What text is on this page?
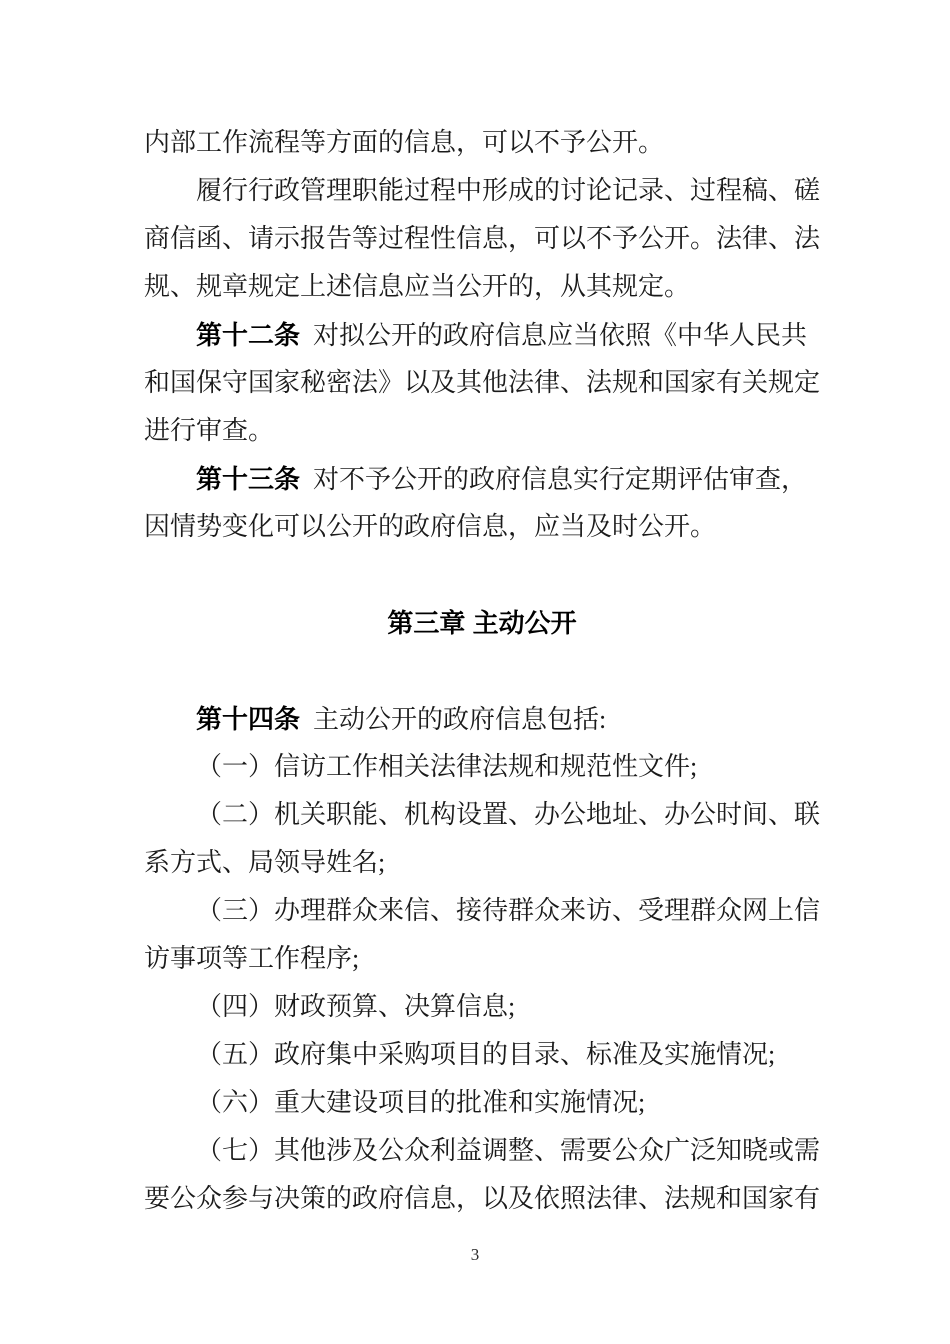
内部工作流程等方面的信息，可以不予公开。
履行行政管理职能过程中形成的讨论记录、过程稿、磋
商信函、请示报告等过程性信息，可以不予公开。法律、法
规、规章规定上述信息应当公开的，从其规定。
第十二条  对拟公开的政府信息应当依照《中华人民共
和国保守国家秘密法》以及其他法律、法规和国家有关规定
进行审查。
第十三条  对不予公开的政府信息实行定期评估审查，
因情势变化可以公开的政府信息，应当及时公开。
第三章 主动公开
第十四条  主动公开的政府信息包括:
（一）信访工作相关法律法规和规范性文件;
（二）机关职能、机构设置、办公地址、办公时间、联
系方式、局领导姓名;
（三）办理群众来信、接待群众来访、受理群众网上信
访事项等工作程序;
（四）财政预算、决算信息;
（五）政府集中采购项目的目录、标准及实施情况;
（六）重大建设项目的批准和实施情况;
（七）其他涉及公众利益调整、需要公众广泛知晓或需
要公众参与决策的政府信息，以及依照法律、法规和国家有
3
